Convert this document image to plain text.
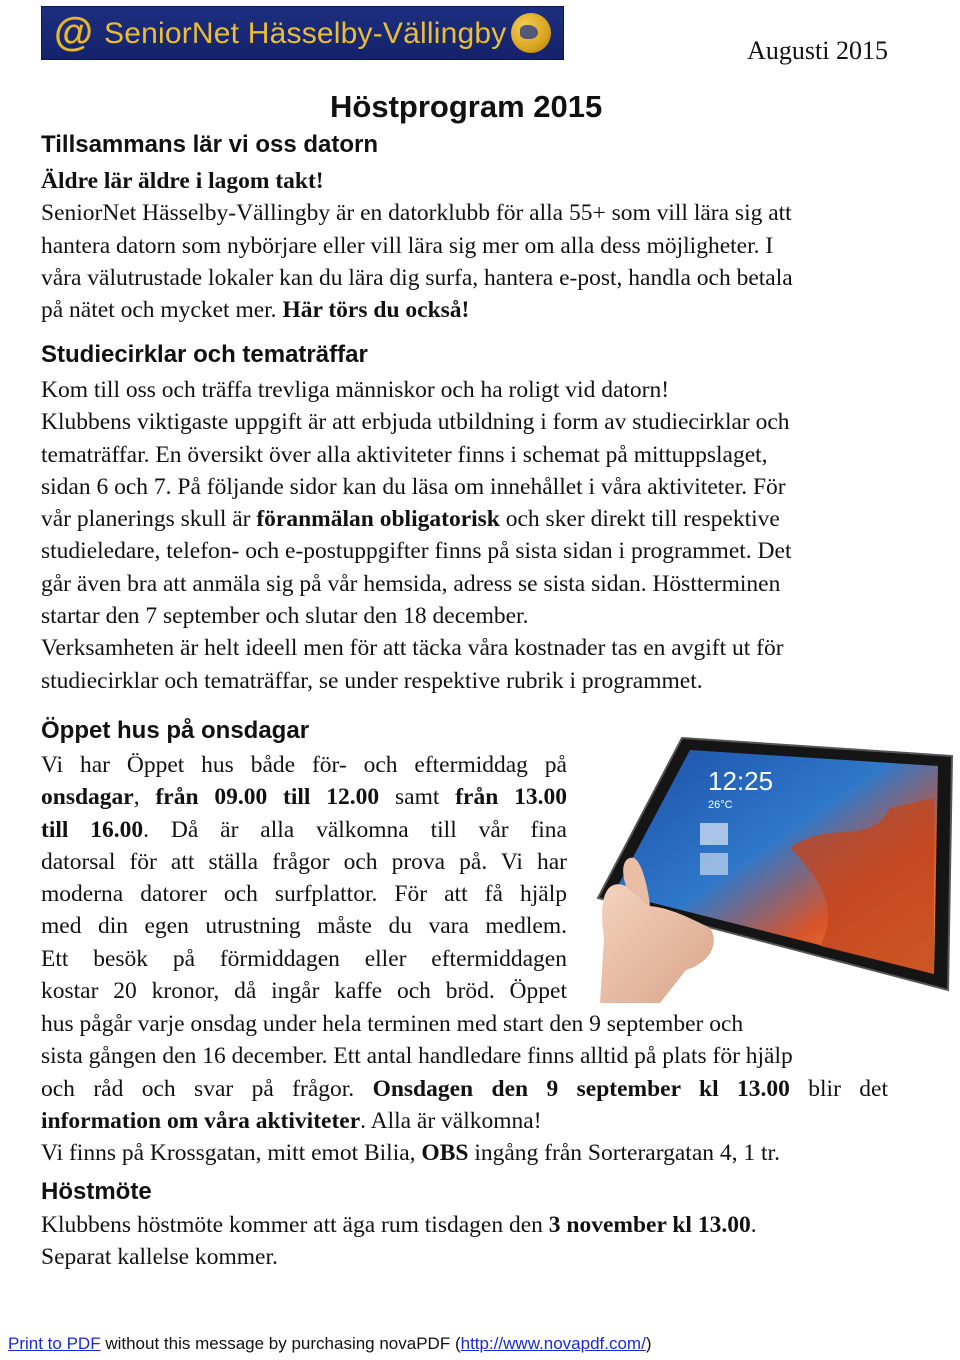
@ SeniorNet Hässelby-Vällingby
Augusti 2015
Höstprogram 2015
Tillsammans lär vi oss datorn
Äldre lär äldre i lagom takt!
SeniorNet Hässelby-Vällingby är en datorklubb för alla 55+ som vill lära sig att
hantera datorn som nybörjare eller vill lära sig mer om alla dess möjligheter. I
våra välutrustade lokaler kan du lära dig surfa, hantera e-post, handla och betala
på nätet och mycket mer. Här törs du också!
Studiecirklar och tematräffar
Kom till oss och träffa trevliga människor och ha roligt vid datorn!
Klubbens viktigaste uppgift är att erbjuda utbildning i form av studiecirklar och
tematräffar. En översikt över alla aktiviteter finns i schemat på mittuppslaget,
sidan 6 och 7. På följande sidor kan du läsa om innehållet i våra aktiviteter. För
vår planerings skull är föranmälan obligatorisk och sker direkt till respektive
studieledare, telefon- och e-postuppgifter finns på sista sidan i programmet. Det
går även bra att anmäla sig på vår hemsida, adress se sista sidan. Höstterminen
startar den 7 september och slutar den 18 december.
Verksamheten är helt ideell men för att täcka våra kostnader tas en avgift ut för
studiecirklar och tematräffar, se under respektive rubrik i programmet.
Öppet hus på onsdagar
Vi har Öppet hus både för- och eftermiddag på
onsdagar, från 09.00 till 12.00 samt från 13.00
till 16.00. Då är alla välkomna till vår fina
datorsal för att ställa frågor och prova på. Vi har
moderna datorer och surfplattor. För att få hjälp
med din egen utrustning måste du vara medlem.
Ett besök på förmiddagen eller eftermiddagen
kostar 20 kronor, då ingår kaffe och bröd. Öppet
hus pågår varje onsdag under hela terminen med start den 9 september och
sista gången den 16 december. Ett antal handledare finns alltid på plats för hjälp
och råd och svar på frågor. Onsdagen den 9 september kl 13.00 blir det
information om våra aktiviteter. Alla är välkomna!
Vi finns på Krossgatan, mitt emot Bilia, OBS ingång från Sorterargatan 4, 1 tr.
12:25
26°C
Höstmöte
Klubbens höstmöte kommer att äga rum tisdagen den 3 november kl 13.00.
Separat kallelse kommer.
Print to PDF without this message by purchasing novaPDF (http://www.novapdf.com/)
